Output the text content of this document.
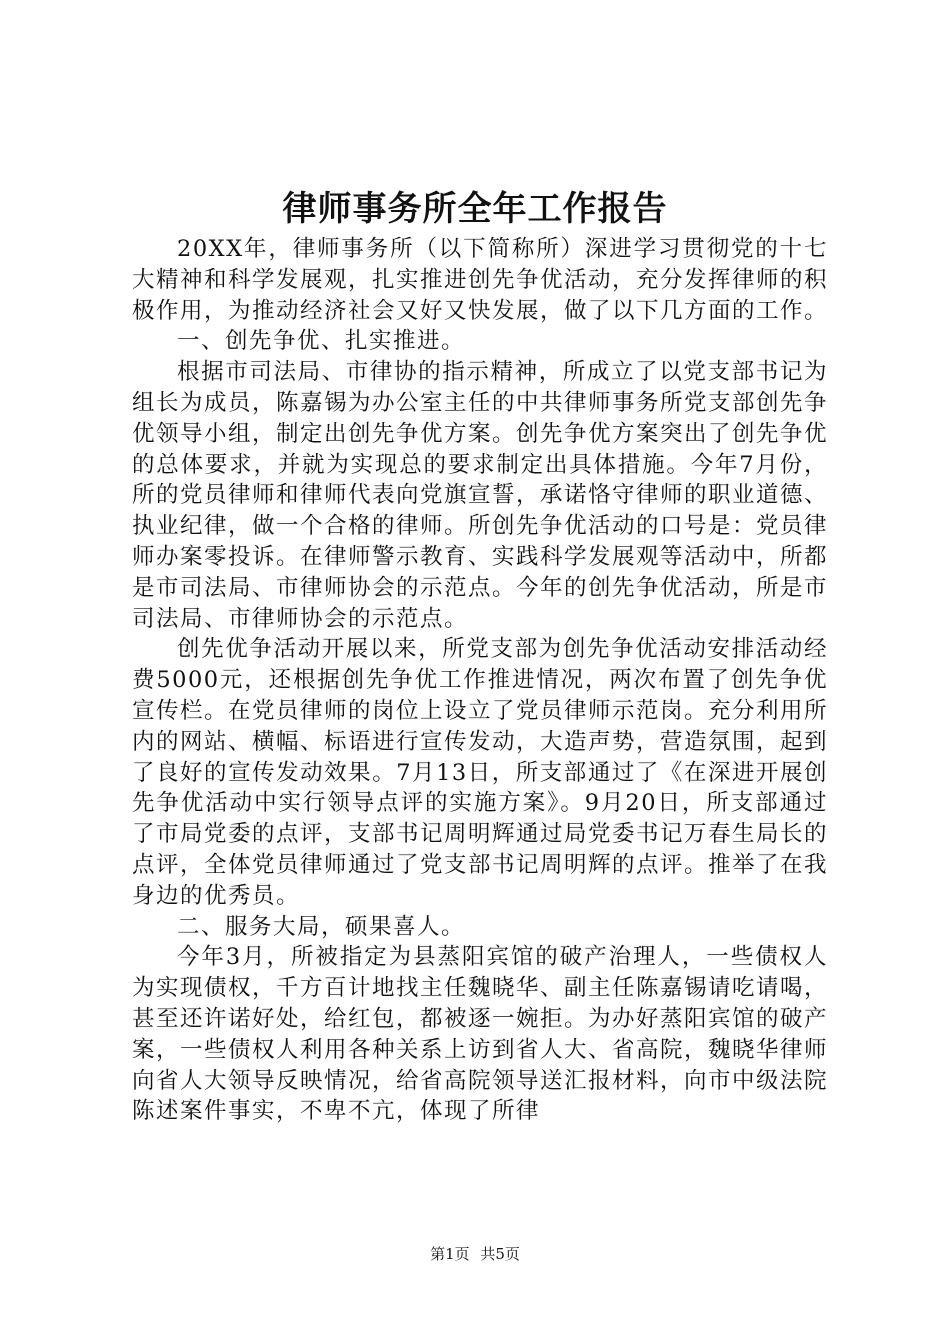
律师事务所全年工作报告

20XX年，律师事务所（以下简称所）深进学习贯彻党的十七大精神和科学发展观，扎实推进创先争优活动，充分发挥律师的积极作用，为推动经济社会又好又快发展，做了以下几方面的工作。

一、创先争优、扎实推进。

根据市司法局、市律协的指示精神，所成立了以党支部书记为组长为成员，陈嘉锡为办公室主任的中共律师事务所党支部创先争优领导小组，制定出创先争优方案。创先争优方案突出了创先争优的总体要求，并就为实现总的要求制定出具体措施。今年7月份，所的党员律师和律师代表向党旗宣誓，承诺恪守律师的职业道德、执业纪律，做一个合格的律师。所创先争优活动的口号是：党员律师办案零投诉。在律师警示教育、实践科学发展观等活动中，所都是市司法局、市律师协会的示范点。今年的创先争优活动，所是市司法局、市律师协会的示范点。

创先优争活动开展以来，所党支部为创先争优活动安排活动经费5000元，还根据创先争优工作推进情况，两次布置了创先争优宣传栏。在党员律师的岗位上设立了党员律师示范岗。充分利用所内的网站、横幅、标语进行宣传发动，大造声势，营造氛围，起到了良好的宣传发动效果。7月13日，所支部通过了《在深进开展创先争优活动中实行领导点评的实施方案》。9月20日，所支部通过了市局党委的点评，支部书记周明辉通过局党委书记万春生局长的点评，全体党员律师通过了党支部书记周明辉的点评。推举了在我身边的优秀员。

二、服务大局，硕果喜人。

今年3月，所被指定为县蒸阳宾馆的破产治理人，一些债权人为实现债权，千方百计地找主任魏晓华、副主任陈嘉锡请吃请喝，甚至还许诺好处，给红包，都被逐一婉拒。为办好蒸阳宾馆的破产案，一些债权人利用各种关系上访到省人大、省高院，魏晓华律师向省人大领导反映情况，给省高院领导送汇报材料，向市中级法院陈述案件事实，不卑不亢，体现了所律

第1页 共5页
